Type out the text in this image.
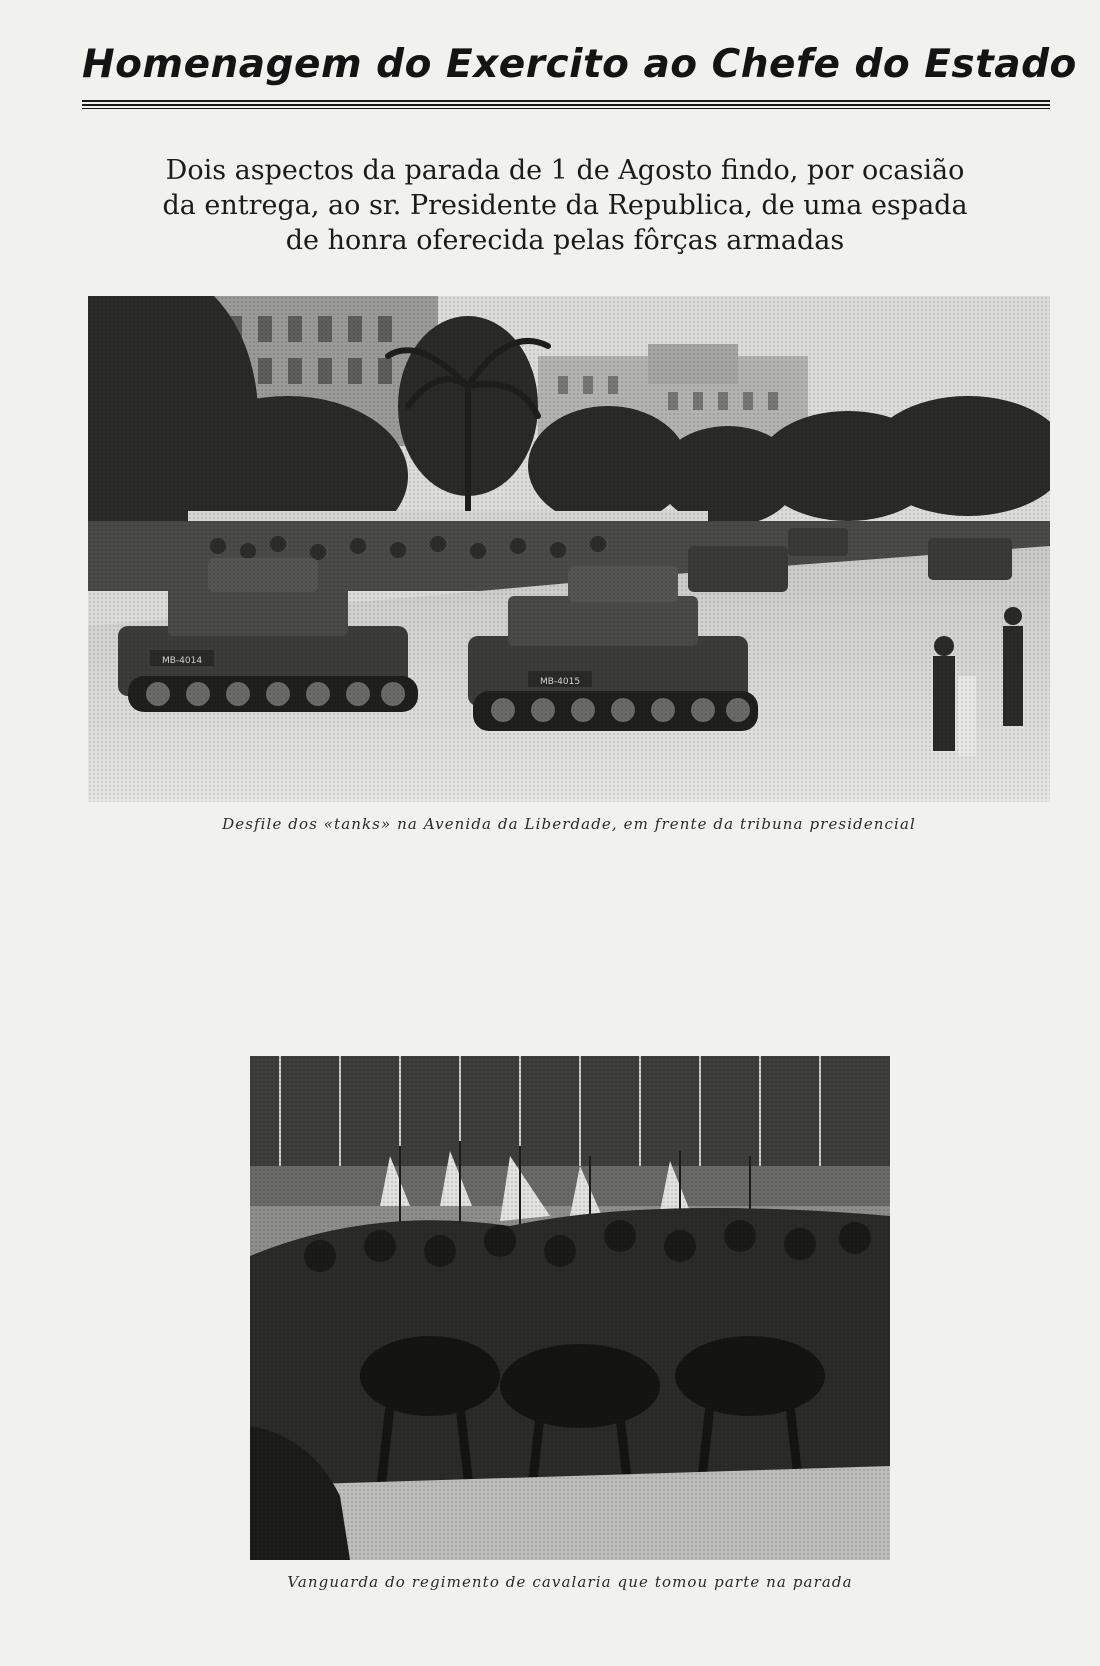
Homenagem do Exercito ao Chefe do Estado
Dois aspectos da parada de 1 de Agosto findo, por ocasião
da entrega, ao sr. Presidente da Republica, de uma espada
de honra oferecida pelas fôrças armadas
Desfile dos «tanks» na Avenida da Liberdade, em frente da tribuna presidencial
Vanguarda do regimento de cavalaria que tomou parte na parada
